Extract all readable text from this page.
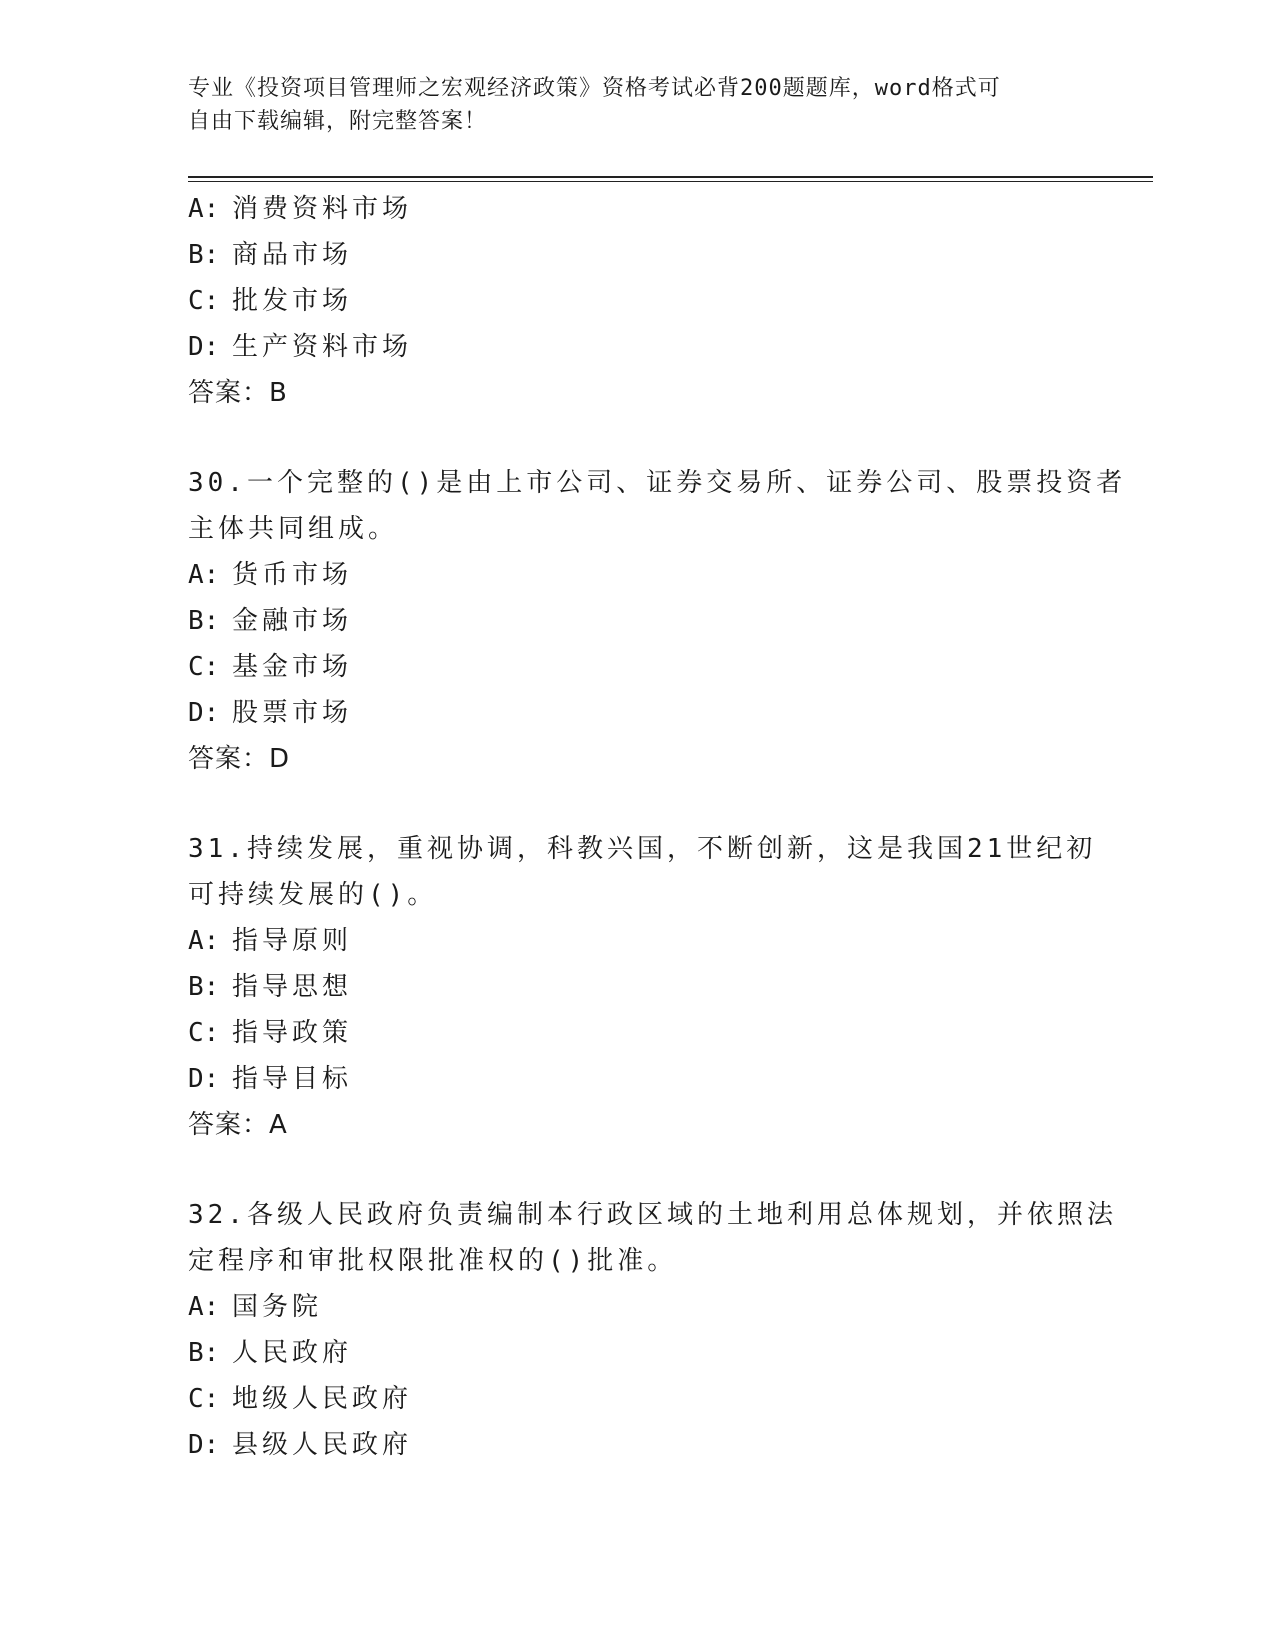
专业《投资项目管理师之宏观经济政策》资格考试必背200题题库，word格式可
自由下载编辑，附完整答案！
A: 消费资料市场
B: 商品市场
C: 批发市场
D: 生产资料市场
答案：B
30.一个完整的()是由上市公司、证券交易所、证券公司、股票投资者
主体共同组成。
A: 货币市场
B: 金融市场
C: 基金市场
D: 股票市场
答案：D
31.持续发展，重视协调，科教兴国，不断创新，这是我国21世纪初
可持续发展的()。
A: 指导原则
B: 指导思想
C: 指导政策
D: 指导目标
答案：A
32.各级人民政府负责编制本行政区域的土地利用总体规划，并依照法
定程序和审批权限批准权的()批准。
A: 国务院
B: 人民政府
C: 地级人民政府
D: 县级人民政府
